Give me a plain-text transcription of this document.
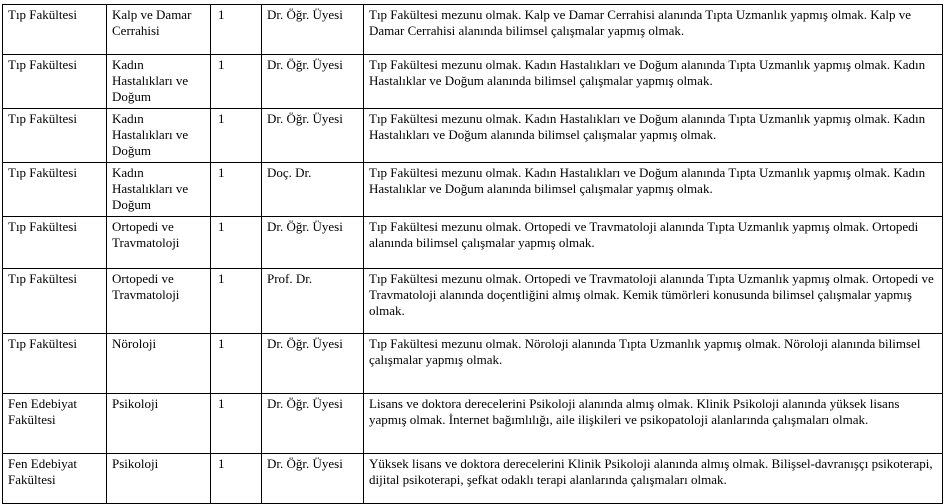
Tıp Fakültesi	Kalp ve Damar Cerrahisi	1	Dr. Öğr. Üyesi	Tıp Fakültesi mezunu olmak. Kalp ve Damar Cerrahisi alanında Tıpta Uzmanlık yapmış olmak. Kalp ve Damar Cerrahisi alanında bilimsel çalışmalar yapmış olmak.
Tıp Fakültesi	Kadın Hastalıkları ve Doğum	1	Dr. Öğr. Üyesi	Tıp Fakültesi mezunu olmak. Kadın Hastalıkları ve Doğum alanında Tıpta Uzmanlık yapmış olmak. Kadın Hastalıklar ve Doğum alanında bilimsel çalışmalar yapmış olmak.
Tıp Fakültesi	Kadın Hastalıkları ve Doğum	1	Dr. Öğr. Üyesi	Tıp Fakültesi mezunu olmak. Kadın Hastalıkları ve Doğum alanında Tıpta Uzmanlık yapmış olmak. Kadın Hastalıkları ve Doğum alanında bilimsel çalışmalar yapmış olmak.
Tıp Fakültesi	Kadın Hastalıkları ve Doğum	1	Doç. Dr.	Tıp Fakültesi mezunu olmak. Kadın Hastalıkları ve Doğum alanında Tıpta Uzmanlık yapmış olmak. Kadın Hastalıklar ve Doğum alanında bilimsel çalışmalar yapmış olmak.
Tıp Fakültesi	Ortopedi ve Travmatoloji	1	Dr. Öğr. Üyesi	Tıp Fakültesi mezunu olmak. Ortopedi ve Travmatoloji alanında Tıpta Uzmanlık yapmış olmak. Ortopedi alanında bilimsel çalışmalar yapmış olmak.
Tıp Fakültesi	Ortopedi ve Travmatoloji	1	Prof. Dr.	Tıp Fakültesi mezunu olmak. Ortopedi ve Travmatoloji alanında Tıpta Uzmanlık yapmış olmak. Ortopedi ve Travmatoloji alanında doçentliğini almış olmak. Kemik tümörleri konusunda bilimsel çalışmalar yapmış olmak.
Tıp Fakültesi	Nöroloji	1	Dr. Öğr. Üyesi	Tıp Fakültesi mezunu olmak. Nöroloji alanında Tıpta Uzmanlık yapmış olmak. Nöroloji alanında bilimsel çalışmalar yapmış olmak.
Fen Edebiyat Fakültesi	Psikoloji	1	Dr. Öğr. Üyesi	Lisans ve doktora derecelerini Psikoloji alanında almış olmak. Klinik Psikoloji alanında yüksek lisans yapmış olmak. İnternet bağımlılığı, aile ilişkileri ve psikopatoloji alanlarında çalışmaları olmak.
Fen Edebiyat Fakültesi	Psikoloji	1	Dr. Öğr. Üyesi	Yüksek lisans ve doktora derecelerini Klinik Psikoloji alanında almış olmak. Bilişsel-davranışçı psikoterapi, dijital psikoterapi, şefkat odaklı terapi alanlarında çalışmaları olmak.
